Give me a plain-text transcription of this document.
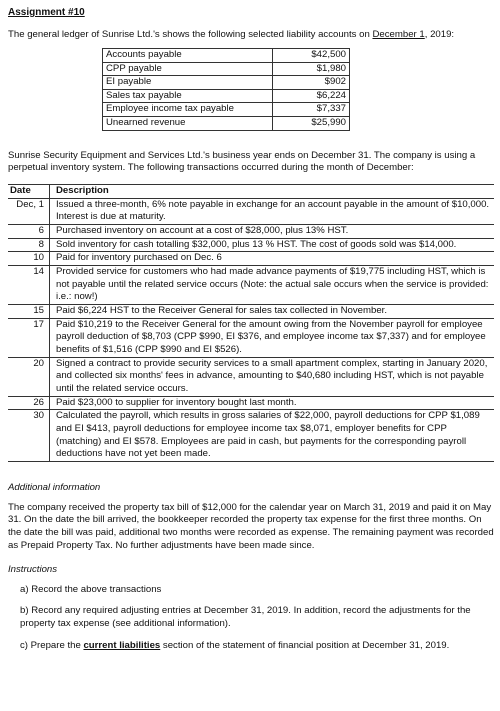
Assignment #10

The general ledger of Sunrise Ltd.'s shows the following selected liability accounts on December 1, 2019:

Accounts payable	$42,500
CPP payable	$1,980
EI payable	$902
Sales tax payable	$6,224
Employee income tax payable	$7,337
Unearned revenue	$25,990

Sunrise Security Equipment and Services Ltd.'s business year ends on December 31. The company is using a perpetual inventory system. The following transactions occurred during the month of December:

Date	Description
Dec, 1	Issued a three-month, 6% note payable in exchange for an account payable in the amount of $10,000. Interest is due at maturity.
6	Purchased inventory on account at a cost of $28,000, plus 13% HST.
8	Sold inventory for cash totalling $32,000, plus 13 % HST. The cost of goods sold was $14,000.
10	Paid for inventory purchased on Dec. 6
14	Provided service for customers who had made advance payments of $19,775 including HST, which is not payable until the related service occurs (Note: the actual sale occurs when the service is provided: i.e.: now!)
15	Paid $6,224 HST to the Receiver General for sales tax collected in November.
17	Paid $10,219 to the Receiver General for the amount owing from the November payroll for employee payroll deduction of $8,703 (CPP $990, EI $376, and employee income tax $7,337) and for employee benefits of $1,516 (CPP $990 and EI $526).
20	Signed a contract to provide security services to a small apartment complex, starting in January 2020, and collected six months' fees in advance, amounting to $40,680 including HST, which is not payable until the related service occurs.
26	Paid $23,000 to supplier for inventory bought last month.
30	Calculated the payroll, which results in gross salaries of $22,000, payroll deductions for CPP $1,089 and EI $413, payroll deductions for employee income tax $8,071, employer benefits for CPP (matching) and EI $578. Employees are paid in cash, but payments for the corresponding payroll deductions have not yet been made.

Additional information

The company received the property tax bill of $12,000 for the calendar year on March 31, 2019 and paid it on May 31. On the date the bill arrived, the bookkeeper recorded the property tax expense for the first three months. On the date the bill was paid, additional two months were recorded as expense. The remaining payment was recorded as Prepaid Property Tax. No further adjustments have been made since.

Instructions

a) Record the above transactions

b) Record any required adjusting entries at December 31, 2019. In addition, record the adjustments for the property tax expense (see additional information).

c) Prepare the current liabilities section of the statement of financial position at December 31, 2019.
